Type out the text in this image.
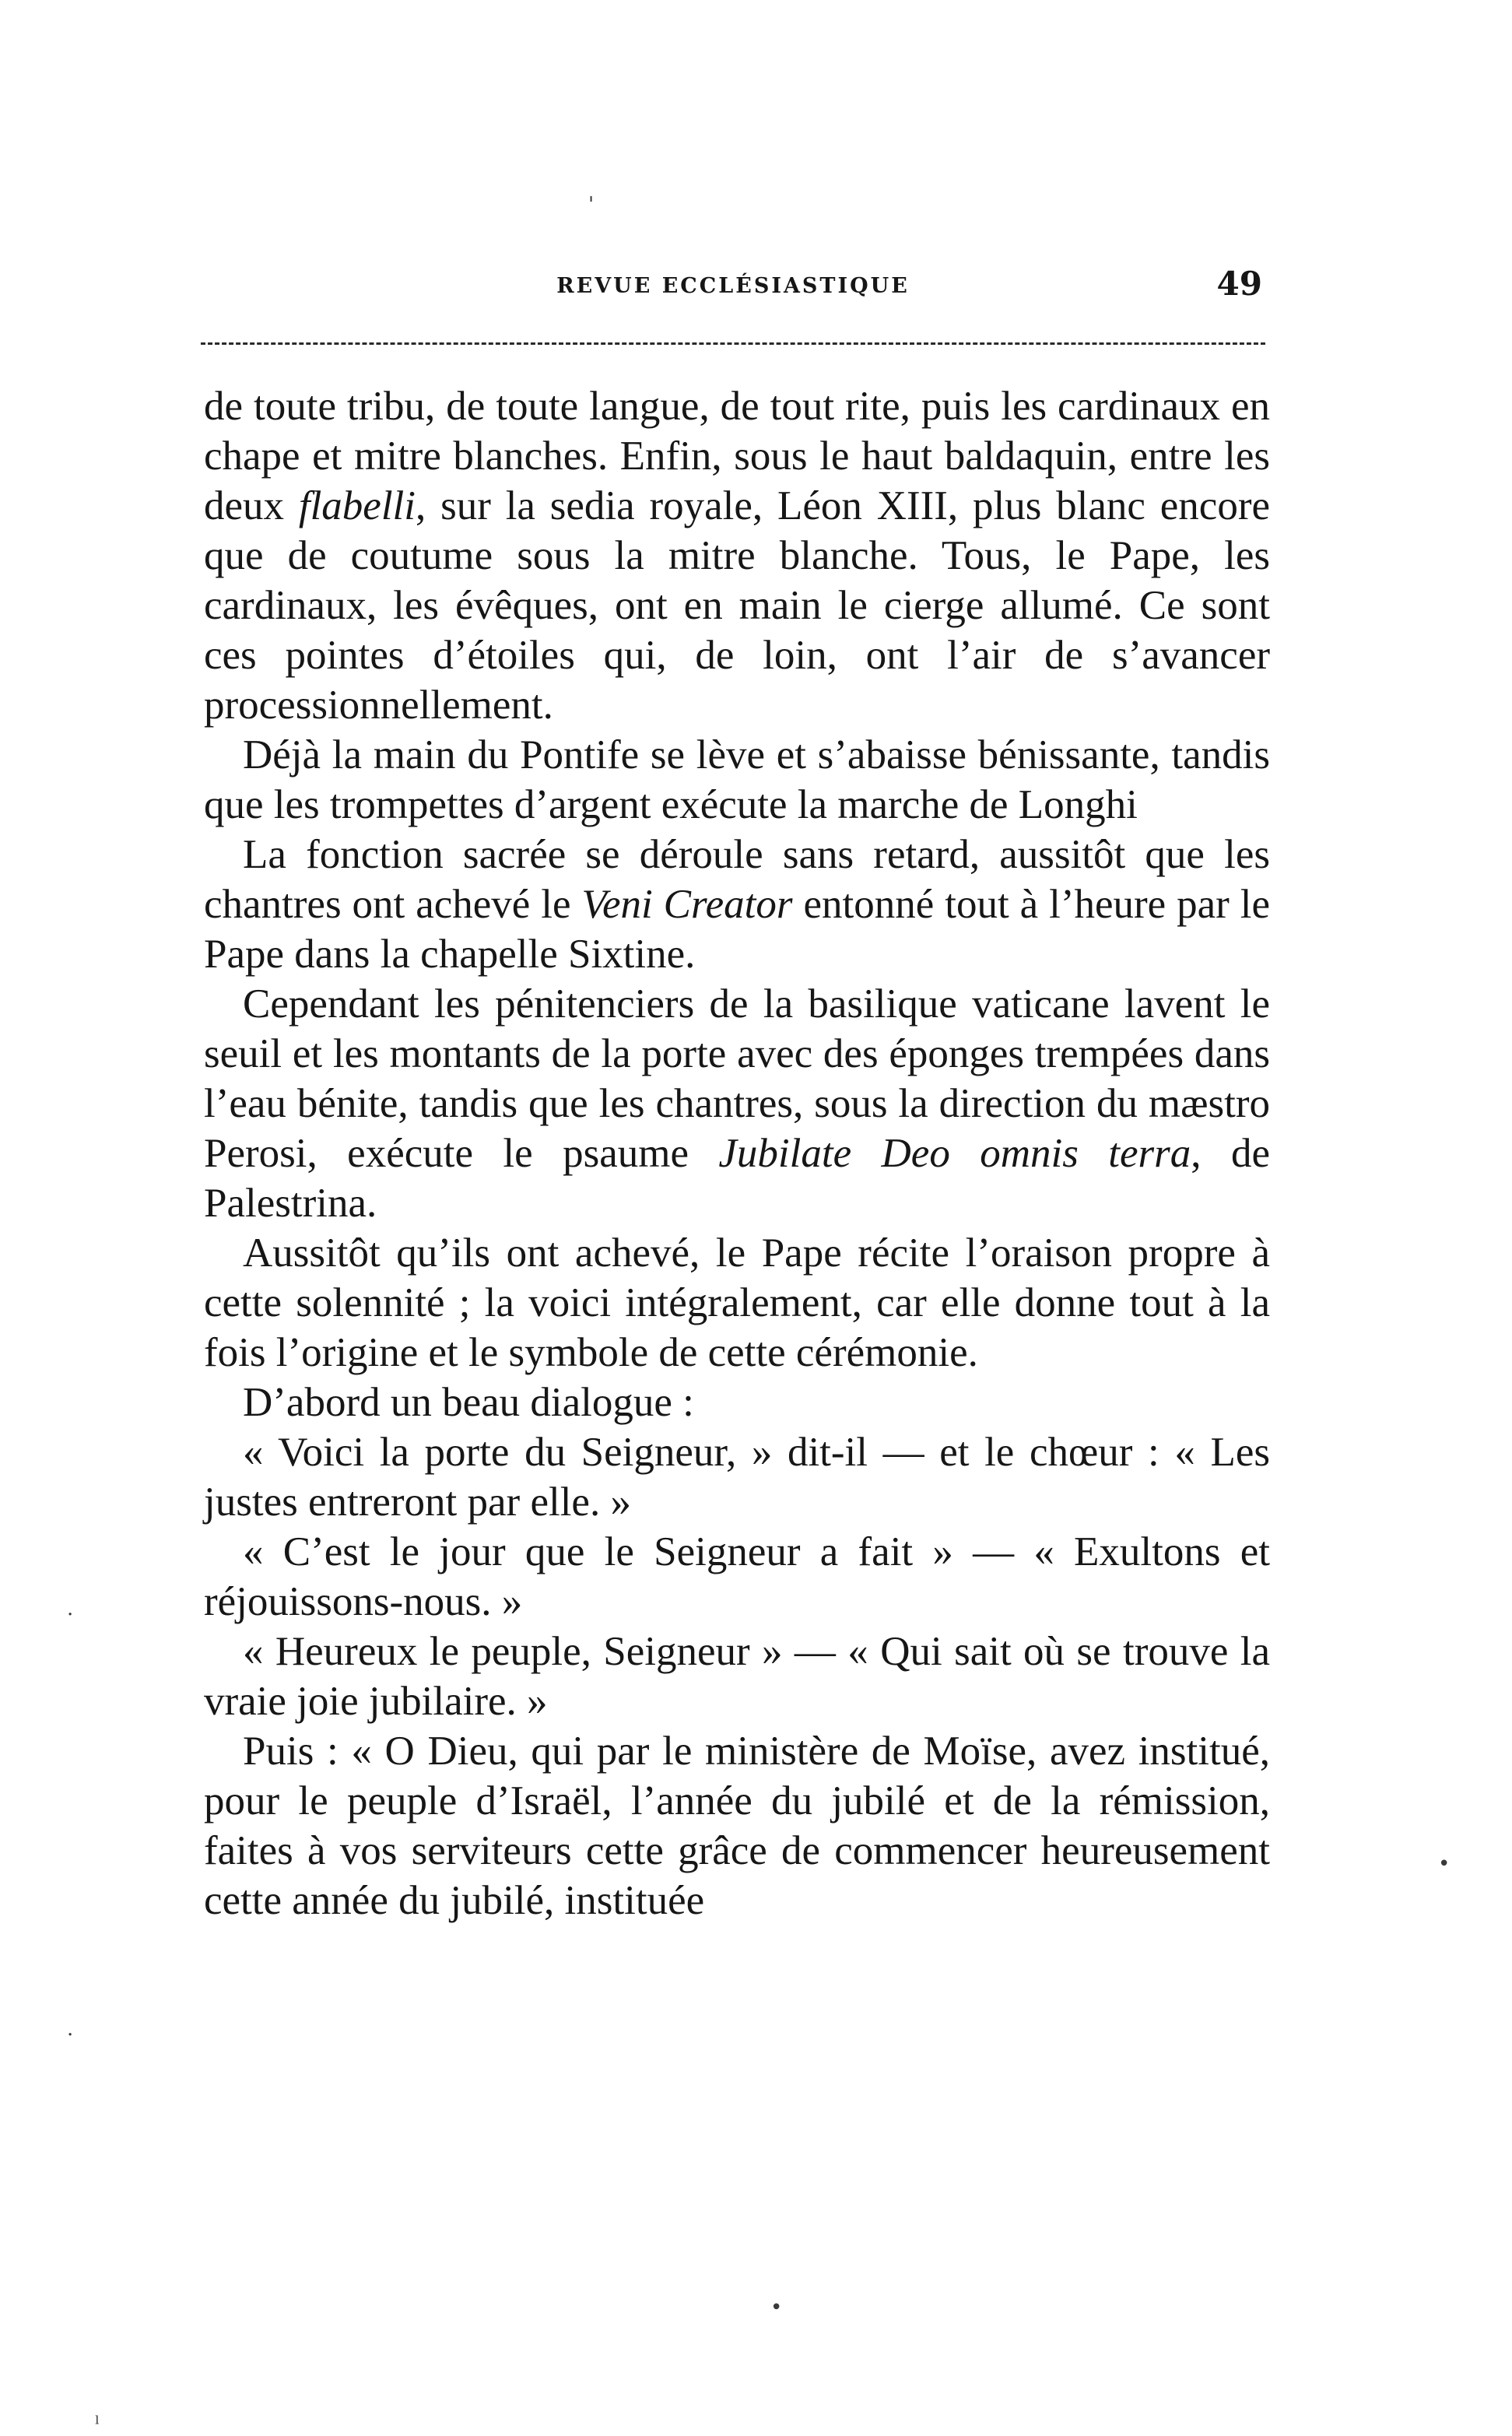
REVUE ECCLÉSIASTIQUE	49

de toute tribu, de toute langue, de tout rite, puis les cardinaux en chape et mitre blanches. Enfin, sous le haut baldaquin, entre les deux flabelli, sur la sedia royale, Léon XIII, plus blanc encore que de coutume sous la mitre blanche. Tous, le Pape, les cardinaux, les évêques, ont en main le cierge allumé. Ce sont ces pointes d’étoiles qui, de loin, ont l’air de s’avancer processionnellement.

Déjà la main du Pontife se lève et s’abaisse bénissante, tandis que les trompettes d’argent exécute la marche de Longhi

La fonction sacrée se déroule sans retard, aussitôt que les chantres ont achevé le Veni Creator entonné tout à l’heure par le Pape dans la chapelle Sixtine.

Cependant les pénitenciers de la basilique vaticane lavent le seuil et les montants de la porte avec des éponges trempées dans l’eau bénite, tandis que les chantres, sous la direction du mæstro Perosi, exécute le psaume Jubilate Deo omnis terra, de Palestrina.

Aussitôt qu’ils ont achevé, le Pape récite l’oraison propre à cette solennité ; la voici intégralement, car elle donne tout à la fois l’origine et le symbole de cette cérémonie.

D’abord un beau dialogue :

« Voici la porte du Seigneur, » dit-il — et le chœur : « Les justes entreront par elle. »

« C’est le jour que le Seigneur a fait » — « Exultons et réjouissons-nous. »

« Heureux le peuple, Seigneur » — « Qui sait où se trouve la vraie joie jubilaire. »

Puis : « O Dieu, qui par le ministère de Moïse, avez institué, pour le peuple d’Israël, l’année du jubilé et de la rémission, faites à vos serviteurs cette grâce de commencer heureusement cette année du jubilé, instituée

'
•
•
·
·
ˡ
